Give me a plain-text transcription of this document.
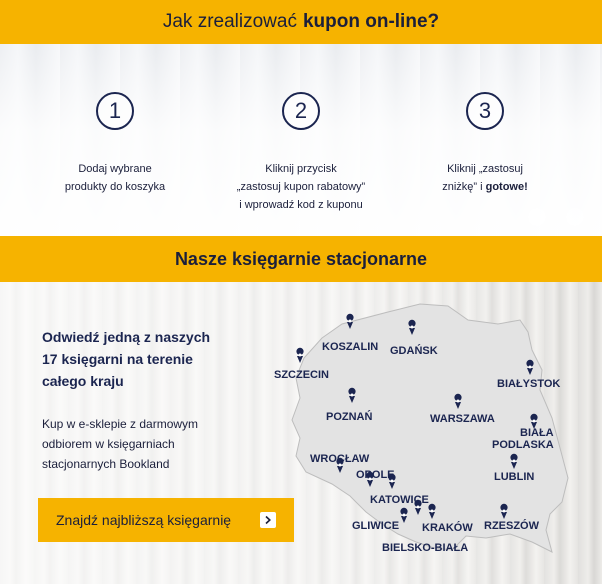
Jak zrealizować kupon on-line?
1
Dodaj wybrane
produkty do koszyka
2
Kliknij przycisk
„zastosuj kupon rabatowy”
i wprowadź kod z kuponu
3
Kliknij „zastosuj
zniżkę” i gotowe!
Nasze księgarnie stacjonarne
Odwiedź jedną z naszych
17 księgarni na terenie
całego kraju
Kup w e-sklepie z darmowym
odbiorem w księgarniach
stacjonarnych Bookland
Znajdź najbliższą księgarnię
KOSZALIN GDAŃSK
SZCZECIN
BIAŁYSTOK
POZNAŃ	WARSZAWA
BIAŁA
PODLASKA
WROCŁAW
OPOLE	LUBLIN
KATOWICE
GLIWICE KRAKÓW RZESZÓW
BIELSKO-BIAŁA
